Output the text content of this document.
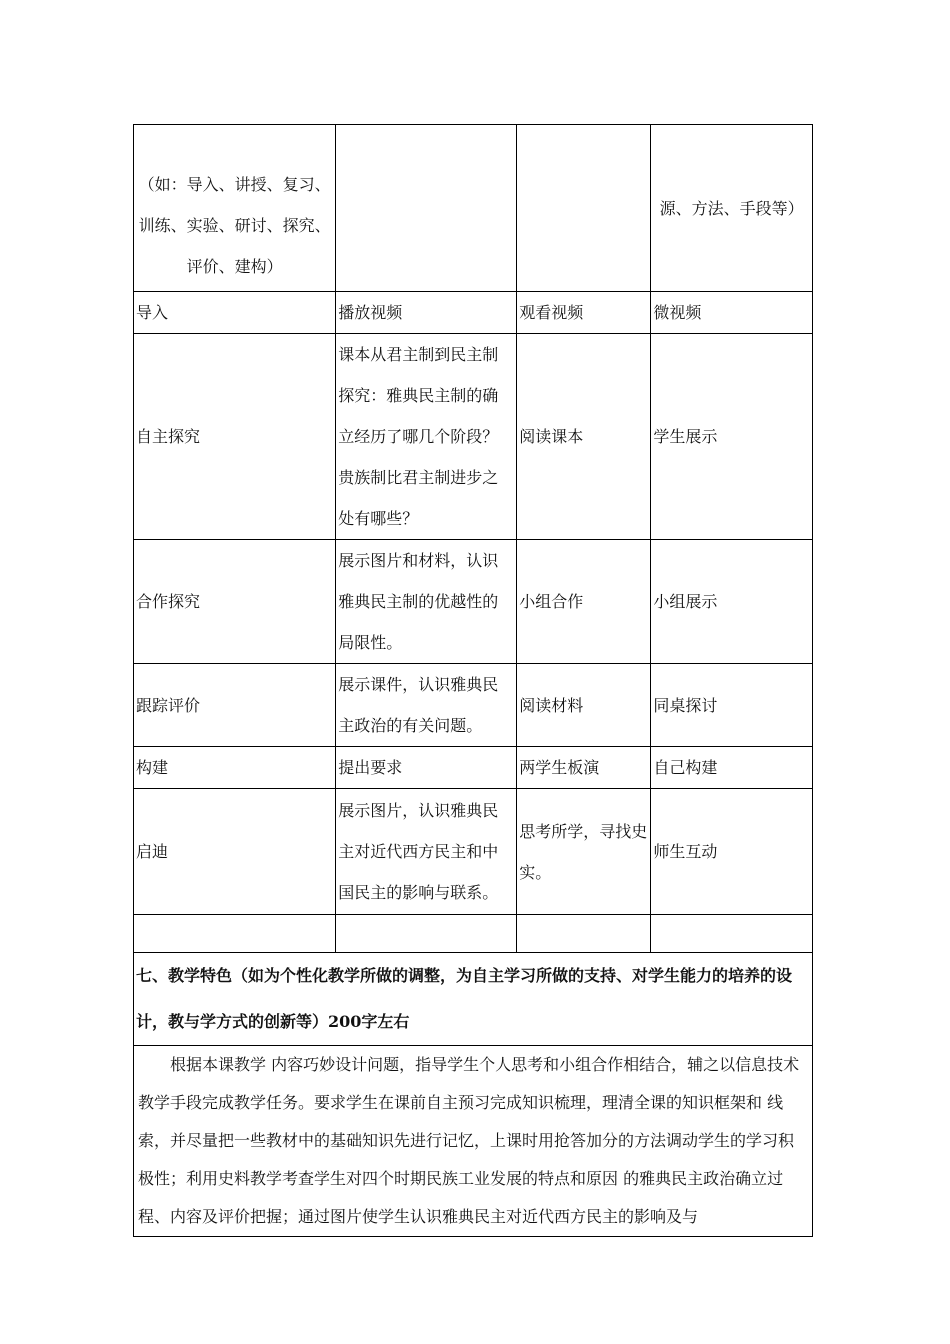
（如：导入、讲授、复习、训练、实验、研讨、探究、评价、建构）			源、方法、手段等）
导入	播放视频	观看视频	微视频
自主探究	课本从君主制到民主制探究：雅典民主制的确立经历了哪几个阶段？贵族制比君主制进步之处有哪些？	阅读课本	学生展示
合作探究	展示图片和材料，认识雅典民主制的优越性的局限性。	小组合作	小组展示
跟踪评价	展示课件，认识雅典民主政治的有关问题。	阅读材料	同桌探讨
构建	提出要求	两学生板演	自己构建
启迪	展示图片，认识雅典民主对近代西方民主和中国民主的影响与联系。	思考所学，寻找史实。	师生互动

七、教学特色（如为个性化教学所做的调整，为自主学习所做的支持、对学生能力的培养的设计，教与学方式的创新等）200字左右			
根据本课教学 内容巧妙设计问题，指导学生个人思考和小组合作相结合，辅之以信息技术教学手段完成教学任务。要求学生在课前自主预习完成知识梳理，理清全课的知识框架和 线索，并尽量把一些教材中的基础知识先进行记忆，上课时用抢答加分的方法调动学生的学习积极性；利用史料教学考查学生对四个时期民族工业发展的特点和原因 的雅典民主政治确立过程、内容及评价把握；通过图片使学生认识雅典民主对近代西方民主的影响及与			
